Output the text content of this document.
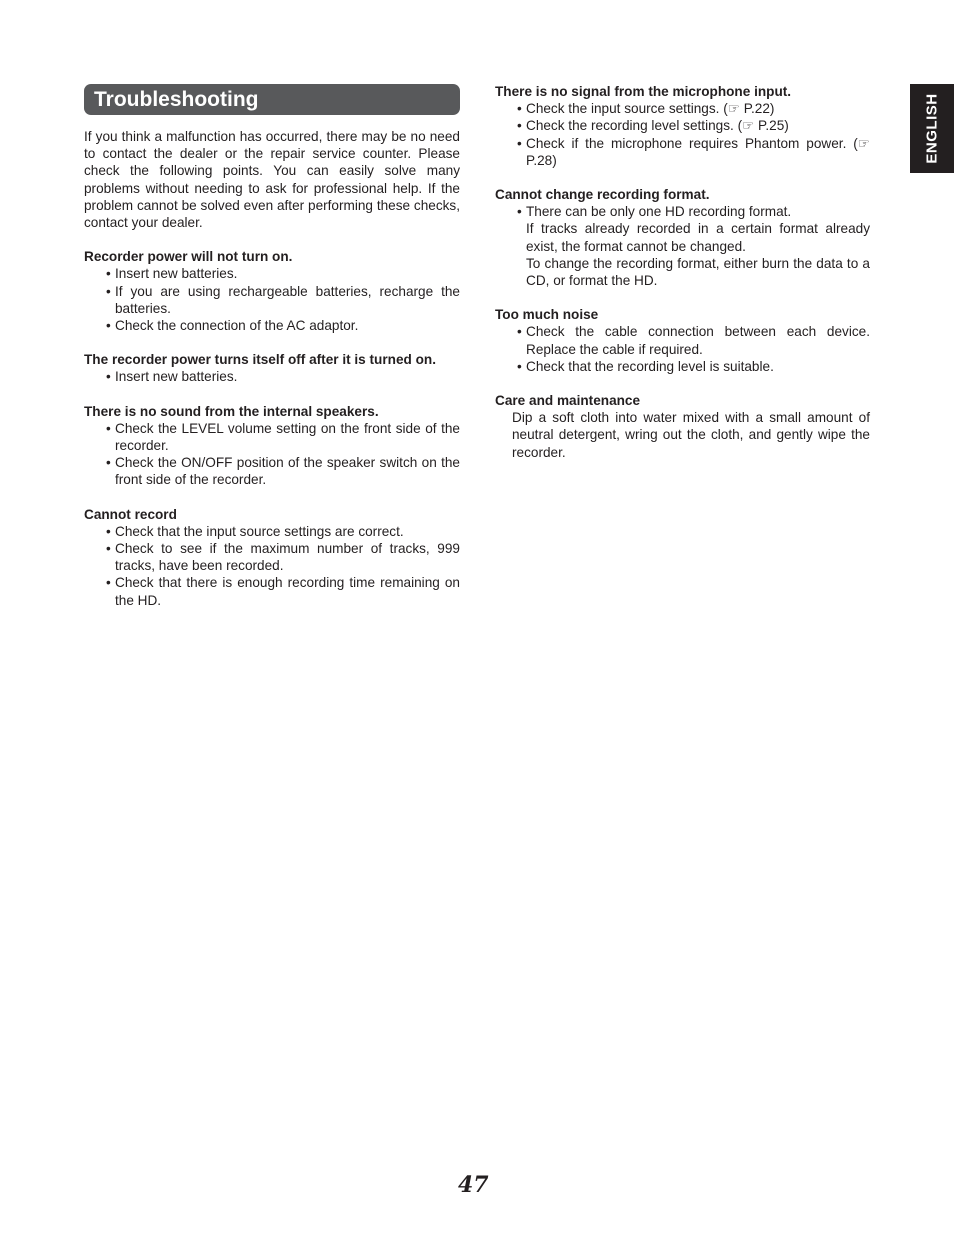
Troubleshooting

If you think a malfunction has occurred, there may be no need to contact the dealer or the repair service counter. Please check the following points. You can easily solve many problems without needing to ask for professional help. If the problem cannot be solved even after performing these checks, contact your dealer.

Recorder power will not turn on.

• Insert new batteries.
• If you are using rechargeable batteries, recharge the batteries.
• Check the connection of the AC adaptor.

The recorder power turns itself off after it is turned on.

• Insert new batteries.

There is no sound from the internal speakers.

• Check the LEVEL volume setting on the front side of the recorder.
• Check the ON/OFF position of the speaker switch on the front side of the recorder.

Cannot record

• Check that the input source settings are correct.
• Check to see if the maximum number of tracks, 999 tracks, have been recorded.
• Check that there is enough recording time remaining on the HD.

There is no signal from the microphone input.

• Check the input source settings. (☞ P.22)
• Check the recording level settings. (☞ P.25)
• Check if the microphone requires Phantom power. (☞ P.28)

Cannot change recording format.

• There can be only one HD recording format.

If tracks already recorded in a certain format already exist, the format cannot be changed.

To change the recording format, either burn the data to a CD, or format the HD.

Too much noise

• Check the cable connection between each device. Replace the cable if required.
• Check that the recording level is suitable.

Care and maintenance

Dip a soft cloth into water mixed with a small amount of neutral detergent, wring out the cloth, and gently wipe the recorder.

ENGLISH
47
